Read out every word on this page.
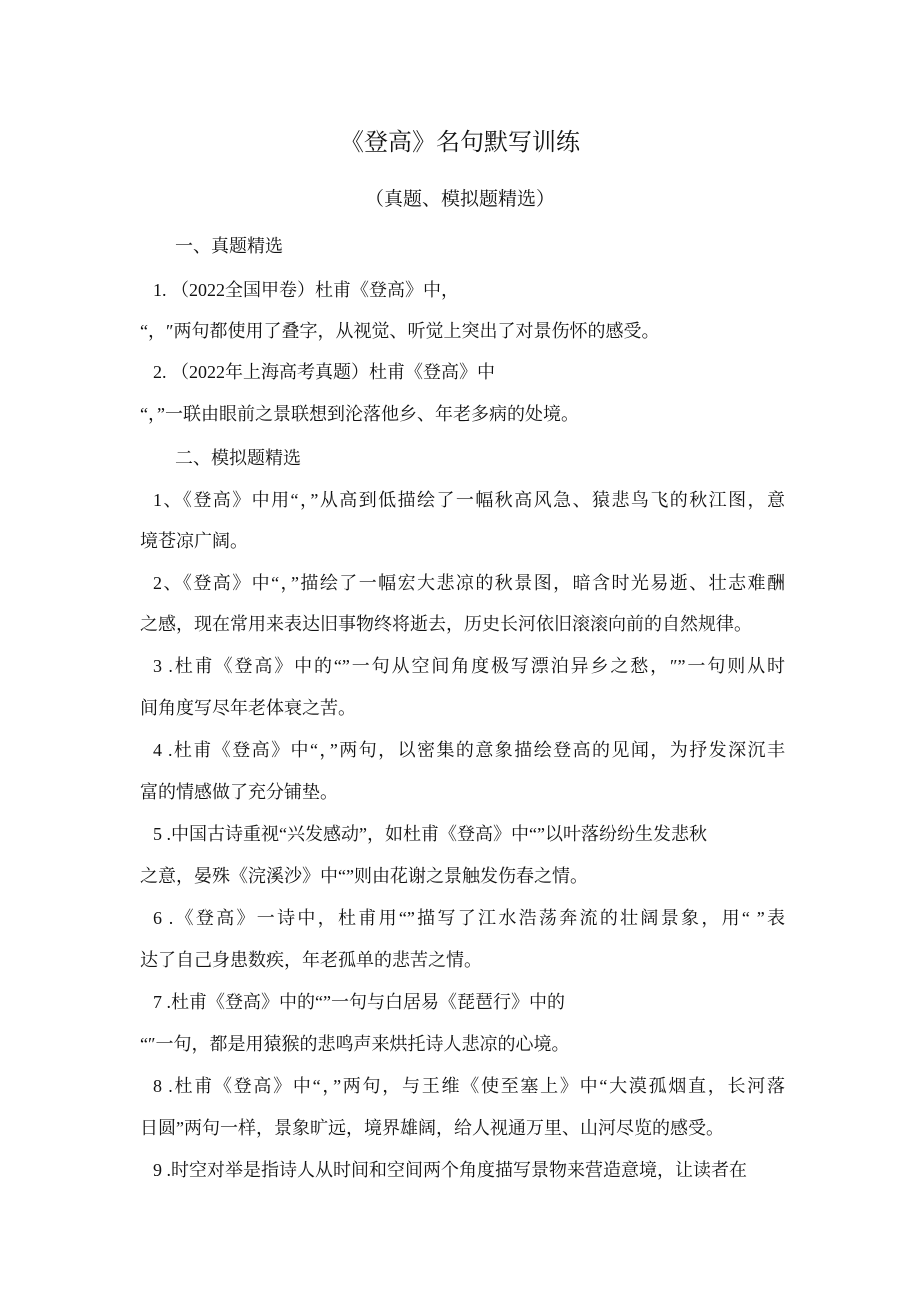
《登高》名句默写训练
（真题、模拟题精选）
一、真题精选
1. （2022全国甲卷）杜甫《登高》中，
“，″两句都使用了叠字，从视觉、听觉上突出了对景伤怀的感受。
2. （2022年上海高考真题）杜甫《登高》中
“，”一联由眼前之景联想到沦落他乡、年老多病的处境。
二、模拟题精选
1、《登高》中用“，”从高到低描绘了一幅秋高风急、猿悲鸟飞的秋江图，意
境苍凉广阔。
2、《登高》中“，”描绘了一幅宏大悲凉的秋景图，暗含时光易逝、壮志难酬
之感，现在常用来表达旧事物终将逝去，历史长河依旧滚滚向前的自然规律。
3 .杜甫《登高》中的“”一句从空间角度极写漂泊异乡之愁，″”一句则从时
间角度写尽年老体衰之苦。
4 .杜甫《登高》中“，”两句，以密集的意象描绘登高的见闻，为抒发深沉丰
富的情感做了充分铺垫。
5 .中国古诗重视“兴发感动”，如杜甫《登高》中“”以叶落纷纷生发悲秋
之意，晏殊《浣溪沙》中“”则由花谢之景触发伤春之情。
6 .《登高》一诗中，杜甫用“”描写了江水浩荡奔流的壮阔景象，用“ ”表
达了自己身患数疾，年老孤单的悲苦之情。
7 .杜甫《登高》中的“”一句与白居易《琵琶行》中的
“″一句，都是用猿猴的悲鸣声来烘托诗人悲凉的心境。
8 .杜甫《登高》中“，”两句，与王维《使至塞上》中“大漠孤烟直，长河落
日圆”两句一样，景象旷远，境界雄阔，给人视通万里、山河尽览的感受。
9 .时空对举是指诗人从时间和空间两个角度描写景物来营造意境，让读者在
